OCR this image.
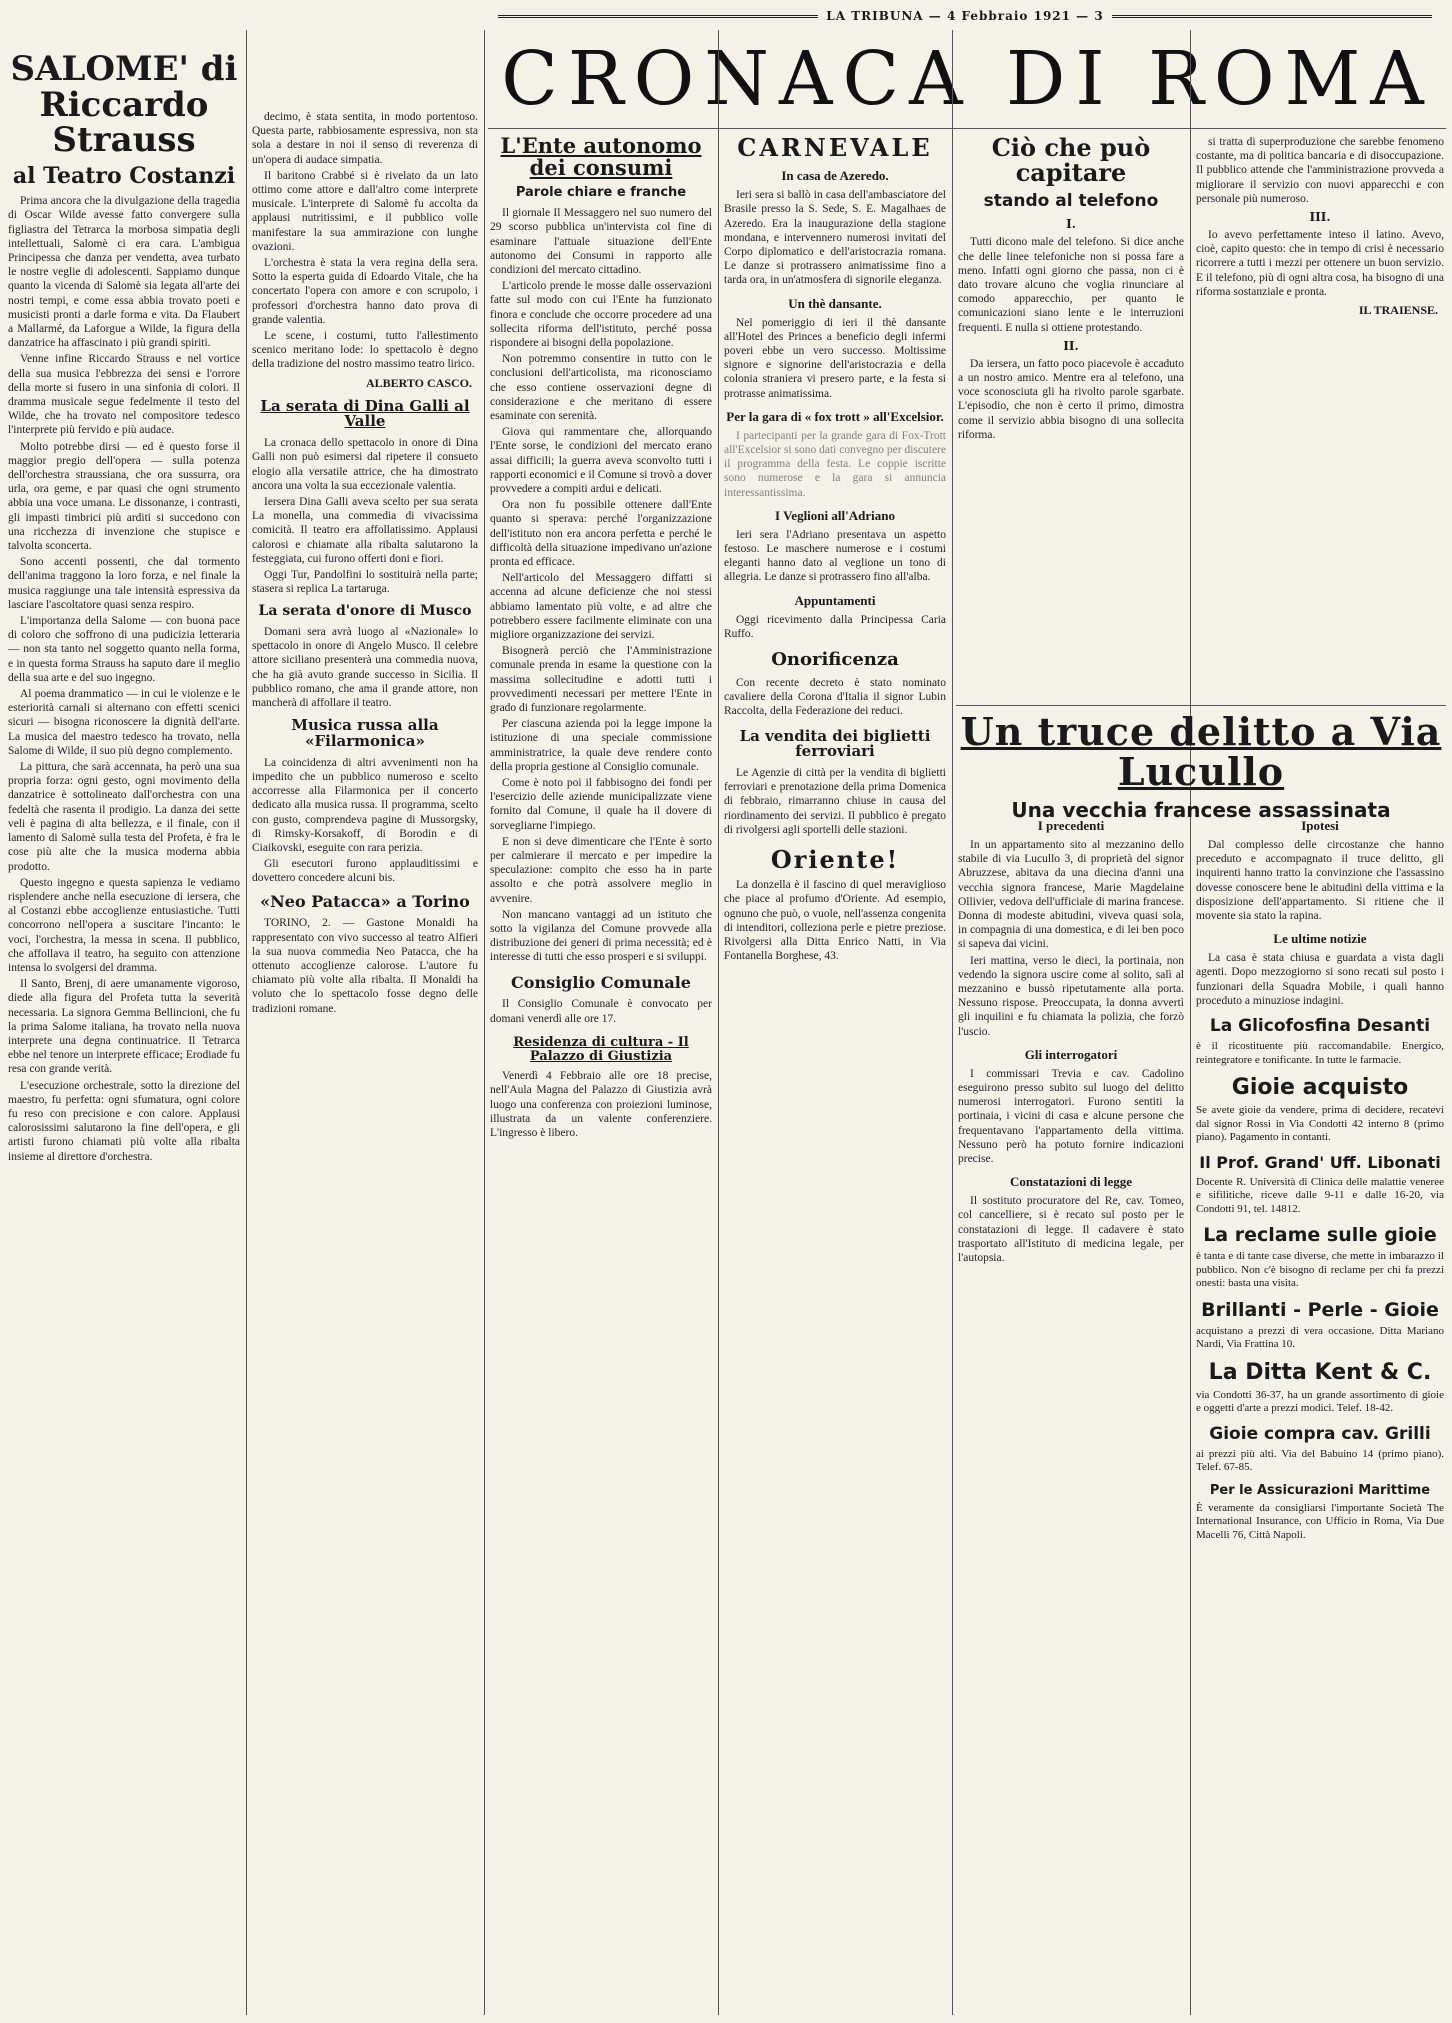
LA TRIBUNA — 4 Febbraio 1921 — 3
CRONACA DI ROMA
SALOME' di Riccardo Strauss
al Teatro Costanzi

Prima ancora che la divulgazione della tragedia di Oscar Wilde avesse fatto convergere sulla figliastra del Tetrarca la morbosa simpatia degli intellettuali, Salomè ci era cara. L'ambigua Principessa che danza per vendetta, avea turbato le nostre veglie di adolescenti. Sappiamo dunque quanto la vicenda di Salomè sia legata all'arte dei nostri tempi, e come essa abbia trovato poeti e musicisti pronti a darle forma e vita. Da Flaubert a Mallarmé, da Laforgue a Wilde, la figura della danzatrice ha affascinato i più grandi spiriti.

Venne infine Riccardo Strauss e nel vortice della sua musica l'ebbrezza dei sensi e l'orrore della morte si fusero in una sinfonia di colori. Il dramma musicale segue fedelmente il testo del Wilde, che ha trovato nel compositore tedesco l'interprete più fervido e più audace.

Molto potrebbe dirsi — ed è questo forse il maggior pregio dell'opera — sulla potenza dell'orchestra straussiana, che ora sussurra, ora urla, ora geme, e par quasi che ogni strumento abbia una voce umana. Le dissonanze, i contrasti, gli impasti timbrici più arditi si succedono con una ricchezza di invenzione che stupisce e talvolta sconcerta.

Sono accenti possenti, che dal tormento dell'anima traggono la loro forza, e nel finale la musica raggiunge una tale intensità espressiva da lasciare l'ascoltatore quasi senza respiro.

L'importanza della Salome — con buona pace di coloro che soffrono di una pudicizia letteraria — non sta tanto nel soggetto quanto nella forma, e in questa forma Strauss ha saputo dare il meglio della sua arte e del suo ingegno.

Al poema drammatico — in cui le violenze e le esteriorità carnali si alternano con effetti scenici sicuri — bisogna riconoscere la dignità dell'arte. La musica del maestro tedesco ha trovato, nella Salome di Wilde, il suo più degno complemento.

La pittura, che sarà accennata, ha però una sua propria forza: ogni gesto, ogni movimento della danzatrice è sottolineato dall'orchestra con una fedeltà che rasenta il prodigio. La danza dei sette veli è pagina di alta bellezza, e il finale, con il lamento di Salomè sulla testa del Profeta, è fra le cose più alte che la musica moderna abbia prodotto.

Questo ingegno e questa sapienza le vediamo risplendere anche nella esecuzione di iersera, che al Costanzi ebbe accoglienze entusiastiche. Tutti concorrono nell'opera a suscitare l'incanto: le voci, l'orchestra, la messa in scena. Il pubblico, che affollava il teatro, ha seguito con attenzione intensa lo svolgersi del dramma.

Il Santo, Brenj, di aere umanamente vigoroso, diede alla figura del Profeta tutta la severità necessaria. La signora Gemma Bellincioni, che fu la prima Salome italiana, ha trovato nella nuova interprete una degna continuatrice. Il Tetrarca ebbe nel tenore un interprete efficace; Erodiade fu resa con grande verità.

L'esecuzione orchestrale, sotto la direzione del maestro, fu perfetta: ogni sfumatura, ogni colore fu reso con precisione e con calore. Applausi calorosissimi salutarono la fine dell'opera, e gli artisti furono chiamati più volte alla ribalta insieme al direttore d'orchestra.

decimo, è stata sentita, in modo portentoso. Questa parte, rabbiosamente espressiva, non sta sola a destare in noi il senso di reverenza di un'opera di audace simpatia.

Il baritono Crabbé si è rivelato da un lato ottimo come attore e dall'altro come interprete musicale. L'interprete di Salomè fu accolta da applausi nutritissimi, e il pubblico volle manifestare la sua ammirazione con lunghe ovazioni.

L'orchestra è stata la vera regina della sera. Sotto la esperta guida di Edoardo Vitale, che ha concertato l'opera con amore e con scrupolo, i professori d'orchestra hanno dato prova di grande valentia.

Le scene, i costumi, tutto l'allestimento scenico meritano lode: lo spettacolo è degno della tradizione del nostro massimo teatro lirico.

ALBERTO CASCO.
La serata di Dina Galli al Valle

La cronaca dello spettacolo in onore di Dina Galli non può esimersi dal ripetere il consueto elogio alla versatile attrice, che ha dimostrato ancora una volta la sua eccezionale valentia.

Iersera Dina Galli aveva scelto per sua serata La monella, una commedia di vivacissima comicità. Il teatro era affollatissimo. Applausi calorosi e chiamate alla ribalta salutarono la festeggiata, cui furono offerti doni e fiori.

Oggi Tur, Pandolfini lo sostituirà nella parte; stasera si replica La tartaruga.

La serata d'onore di Musco

Domani sera avrà luogo al «Nazionale» lo spettacolo in onore di Angelo Musco. Il celebre attore siciliano presenterà una commedia nuova, che ha già avuto grande successo in Sicilia. Il pubblico romano, che ama il grande attore, non mancherà di affollare il teatro.

Musica russa alla «Filarmonica»

La coincidenza di altri avvenimenti non ha impedito che un pubblico numeroso e scelto accorresse alla Filarmonica per il concerto dedicato alla musica russa. Il programma, scelto con gusto, comprendeva pagine di Mussorgsky, di Rimsky-Korsakoff, di Borodin e di Ciaikovski, eseguite con rara perizia.

Gli esecutori furono applauditissimi e dovettero concedere alcuni bis.

«Neo Patacca» a Torino

TORINO, 2. — Gastone Monaldi ha rappresentato con vivo successo al teatro Alfieri la sua nuova commedia Neo Patacca, che ha ottenuto accoglienze calorose. L'autore fu chiamato più volte alla ribalta. Il Monaldi ha voluto che lo spettacolo fosse degno delle tradizioni romane.

L'Ente autonomo dei consumi
Parole chiare e franche

Il giornale Il Messaggero nel suo numero del 29 scorso pubblica un'intervista col fine di esaminare l'attuale situazione dell'Ente autonomo dei Consumi in rapporto alle condizioni del mercato cittadino.

L'articolo prende le mosse dalle osservazioni fatte sul modo con cui l'Ente ha funzionato finora e conclude che occorre procedere ad una sollecita riforma dell'istituto, perché possa rispondere ai bisogni della popolazione.

Non potremmo consentire in tutto con le conclusioni dell'articolista, ma riconosciamo che esso contiene osservazioni degne di considerazione e che meritano di essere esaminate con serenità.

Giova qui rammentare che, allorquando l'Ente sorse, le condizioni del mercato erano assai difficili; la guerra aveva sconvolto tutti i rapporti economici e il Comune si trovò a dover provvedere a compiti ardui e delicati.

Ora non fu possibile ottenere dall'Ente quanto si sperava: perché l'organizzazione dell'istituto non era ancora perfetta e perché le difficoltà della situazione impedivano un'azione pronta ed efficace.

Nell'articolo del Messaggero diffatti si accenna ad alcune deficienze che noi stessi abbiamo lamentato più volte, e ad altre che potrebbero essere facilmente eliminate con una migliore organizzazione dei servizi.

Bisognerà perciò che l'Amministrazione comunale prenda in esame la questione con la massima sollecitudine e adotti tutti i provvedimenti necessari per mettere l'Ente in grado di funzionare regolarmente.

Per ciascuna azienda poi la legge impone la istituzione di una speciale commissione amministratrice, la quale deve rendere conto della propria gestione al Consiglio comunale.

Come è noto poi il fabbisogno dei fondi per l'esercizio delle aziende municipalizzate viene fornito dal Comune, il quale ha il dovere di sorvegliarne l'impiego.

E non si deve dimenticare che l'Ente è sorto per calmierare il mercato e per impedire la speculazione: compito che esso ha in parte assolto e che potrà assolvere meglio in avvenire.

Non mancano vantaggi ad un istituto che sotto la vigilanza del Comune provvede alla distribuzione dei generi di prima necessità; ed è interesse di tutti che esso prosperi e si sviluppi.

Consiglio Comunale

Il Consiglio Comunale è convocato per domani venerdì alle ore 17.

Residenza di cultura - Il Palazzo di Giustizia

Venerdì 4 Febbraio alle ore 18 precise, nell'Aula Magna del Palazzo di Giustizia avrà luogo una conferenza con proiezioni luminose, illustrata da un valente conferenziere. L'ingresso è libero.

CARNEVALE
In casa de Azeredo.

Ieri sera si ballò in casa dell'ambasciatore del Brasile presso la S. Sede, S. E. Magalhaes de Azeredo. Era la inaugurazione della stagione mondana, e intervennero numerosi invitati del Corpo diplomatico e dell'aristocrazia romana. Le danze si protrassero animatissime fino a tarda ora, in un'atmosfera di signorile eleganza.

Un thè dansante.

Nel pomeriggio di ieri il thè dansante all'Hotel des Princes a beneficio degli infermi poveri ebbe un vero successo. Moltissime signore e signorine dell'aristocrazia e della colonia straniera vi presero parte, e la festa si protrasse animatissima.

Per la gara di « fox trott » all'Excelsior.

I partecipanti per la grande gara di Fox-Trott all'Excelsior si sono dati convegno per discutere il programma della festa. Le coppie iscritte sono numerose e la gara si annuncia interessantissima.

I Veglioni all'Adriano

Ieri sera l'Adriano presentava un aspetto festoso. Le maschere numerose e i costumi eleganti hanno dato al veglione un tono di allegria. Le danze si protrassero fino all'alba.

Appuntamenti

Oggi ricevimento dalla Principessa Caria Ruffo.

Onorificenza

Con recente decreto è stato nominato cavaliere della Corona d'Italia il signor Lubin Raccolta, della Federazione dei reduci.

La vendita dei biglietti ferroviari

Le Agenzie di città per la vendita di biglietti ferroviari e prenotazione della prima Domenica di febbraio, rimarranno chiuse in causa del riordinamento dei servizi. Il pubblico è pregato di rivolgersi agli sportelli delle stazioni.

Oriente!

La donzella è il fascino di quel meraviglioso che piace al profumo d'Oriente. Ad esempio, ognuno che può, o vuole, nell'assenza congenita di intenditori, colleziona perle e pietre preziose. Rivolgersi alla Ditta Enrico Natti, in Via Fontanella Borghese, 43.

Ciò che può capitare
stando al telefono
I.

Tutti dicono male del telefono. Si dice anche che delle linee telefoniche non si possa fare a meno. Infatti ogni giorno che passa, non ci è dato trovare alcuno che voglia rinunciare al comodo apparecchio, per quanto le comunicazioni siano lente e le interruzioni frequenti. E nulla si ottiene protestando.

II.

Da iersera, un fatto poco piacevole è accaduto a un nostro amico. Mentre era al telefono, una voce sconosciuta gli ha rivolto parole sgarbate. L'episodio, che non è certo il primo, dimostra come il servizio abbia bisogno di una sollecita riforma.

si tratta di superproduzione che sarebbe fenomeno costante, ma di politica bancaria e di disoccupazione. Il pubblico attende che l'amministrazione provveda a migliorare il servizio con nuovi apparecchi e con personale più numeroso.

III.

Io avevo perfettamente inteso il latino. Avevo, cioè, capito questo: che in tempo di crisi è necessario ricorrere a tutti i mezzi per ottenere un buon servizio. E il telefono, più di ogni altra cosa, ha bisogno di una riforma sostanziale e pronta.

IL TRAIENSE.
Un truce delitto a Via Lucullo
Una vecchia francese assassinata
I precedenti

In un appartamento sito al mezzanino dello stabile di via Lucullo 3, di proprietà del signor Abruzzese, abitava da una diecina d'anni una vecchia signora francese, Marie Magdelaine Ollivier, vedova dell'ufficiale di marina francese. Donna di modeste abitudini, viveva quasi sola, in compagnia di una domestica, e di lei ben poco si sapeva dai vicini.

Ieri mattina, verso le dieci, la portinaia, non vedendo la signora uscire come al solito, salì al mezzanino e bussò ripetutamente alla porta. Nessuno rispose. Preoccupata, la donna avvertì gli inquilini e fu chiamata la polizia, che forzò l'uscio.

Gli interrogatori

I commissari Trevia e cav. Cadolino eseguirono presso subito sul luogo del delitto numerosi interrogatori. Furono sentiti la portinaia, i vicini di casa e alcune persone che frequentavano l'appartamento della vittima. Nessuno però ha potuto fornire indicazioni precise.

Constatazioni di legge

Il sostituto procuratore del Re, cav. Tomeo, col cancelliere, si è recato sul posto per le constatazioni di legge. Il cadavere è stato trasportato all'Istituto di medicina legale, per l'autopsia.

Ipotesi

Dal complesso delle circostanze che hanno preceduto e accompagnato il truce delitto, gli inquirenti hanno tratto la convinzione che l'assassino dovesse conoscere bene le abitudini della vittima e la disposizione dell'appartamento. Si ritiene che il movente sia stato la rapina.

Le ultime notizie

La casa è stata chiusa e guardata a vista dagli agenti. Dopo mezzogiorno si sono recati sul posto i funzionari della Squadra Mobile, i quali hanno proceduto a minuziose indagini.

La Glicofosfina Desanti

è il ricostituente più raccomandabile. Energico, reintegratore e tonificante. In tutte le farmacie.

Gioie acquisto

Se avete gioie da vendere, prima di decidere, recatevi dal signor Rossi in Via Condotti 42 interno 8 (primo piano). Pagamento in contanti.

Il Prof. Grand' Uff. Libonati

Docente R. Università di Clinica delle malattie veneree e sifilitiche, riceve dalle 9-11 e dalle 16-20, via Condotti 91, tel. 14812.

La reclame sulle gioie

è tanta e di tante case diverse, che mette in imbarazzo il pubblico. Non c'è bisogno di reclame per chi fa prezzi onesti: basta una visita.

Brillanti - Perle - Gioie

acquistano a prezzi di vera occasione. Ditta Mariano Nardi, Via Frattina 10.

La Ditta Kent & C.

via Condotti 36-37, ha un grande assortimento di gioie e oggetti d'arte a prezzi modici. Telef. 18-42.

Gioie compra cav. Grilli

ai prezzi più alti. Via del Babuino 14 (primo piano). Telef. 67-85.

Per le Assicurazioni Marittime

È veramente da consigliarsi l'importante Società The International Insurance, con Ufficio in Roma, Via Due Macelli 76, Città Napoli.
